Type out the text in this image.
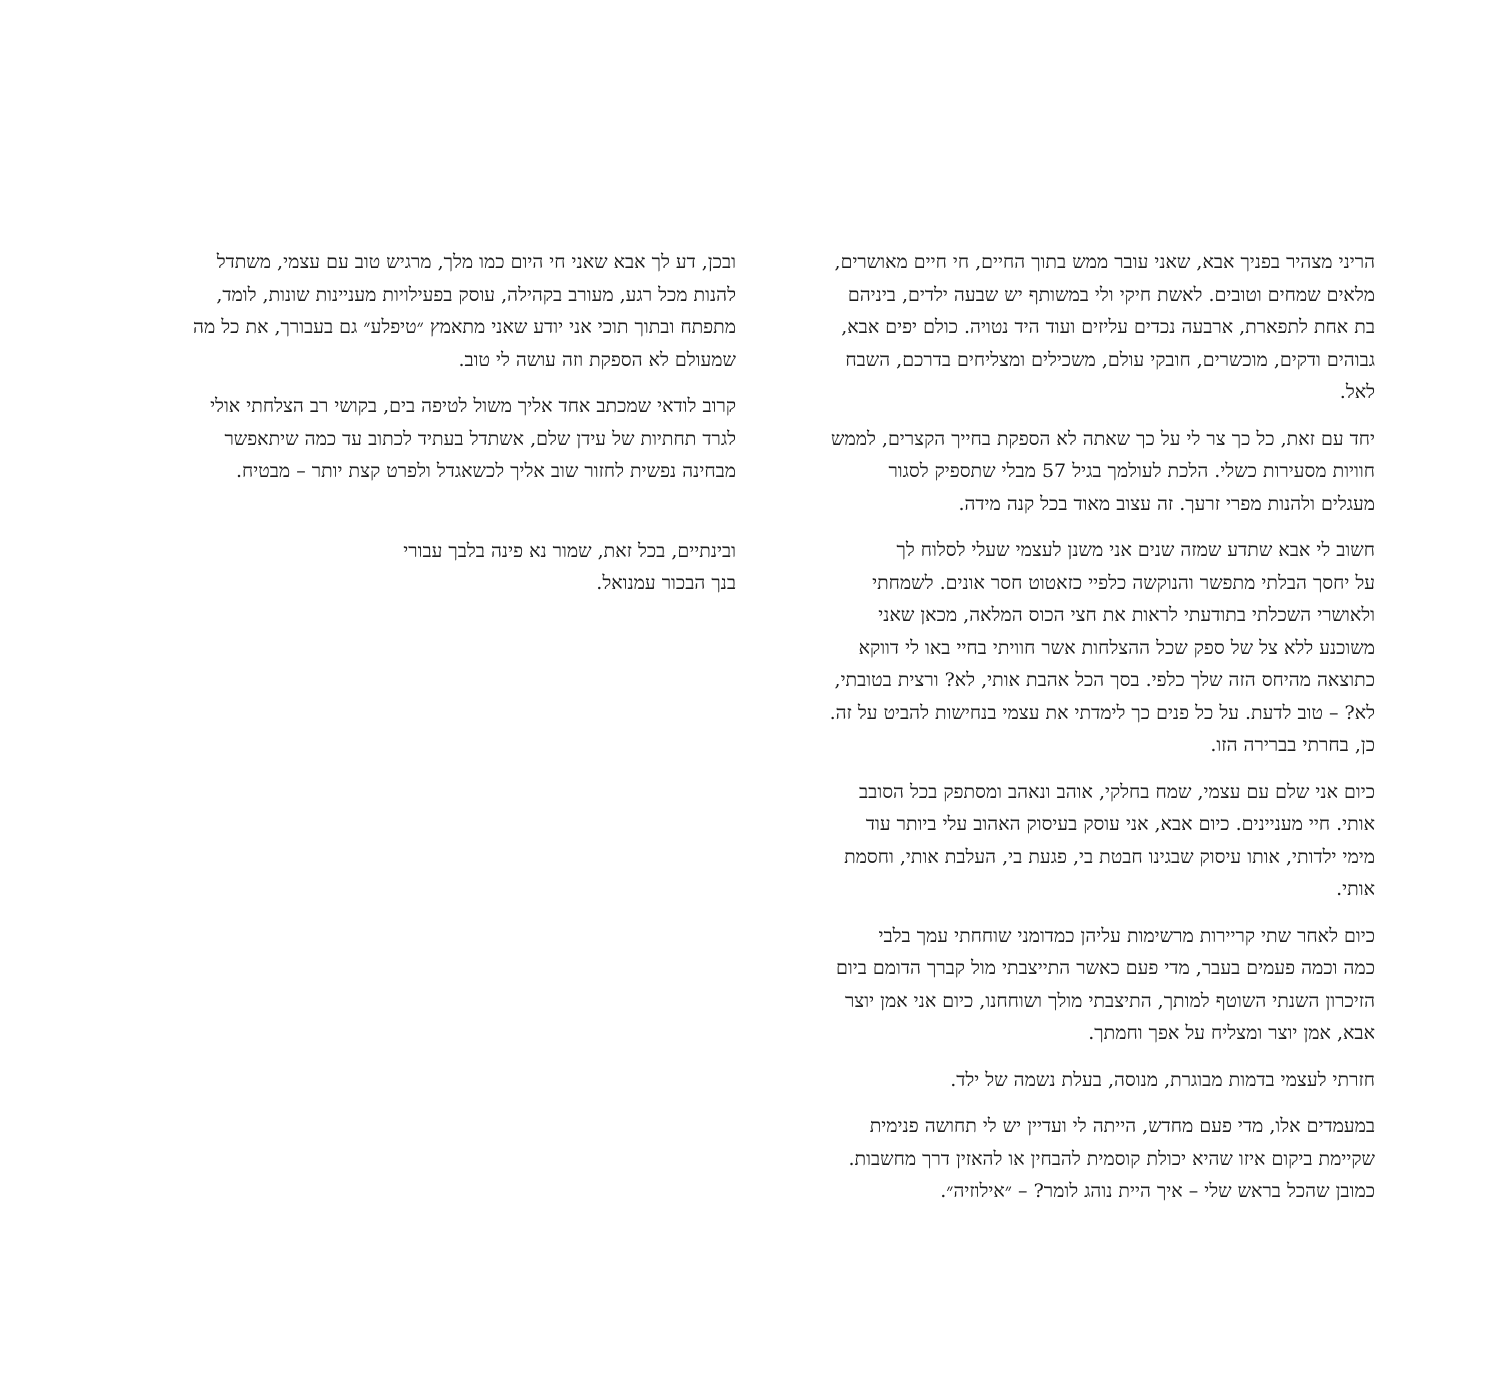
הריני מצהיר בפניך אבא, שאני עובר ממש בתוך החיים, חי חיים מאושרים,
מלאים שמחים וטובים. לאשת חיקי ולי במשותף יש שבעה ילדים, ביניהם
בת אחת לתפארת, ארבעה נכדים עליזים ועוד היד נטויה. כולם יפים אבא,
גבוהים ודקים, מוכשרים, חובקי עולם, משכילים ומצליחים בדרכם, השבח
לאל.

יחד עם זאת, כל כך צר לי על כך שאתה לא הספקת בחייך הקצרים, לממש
חוויות מסעירות כשלי. הלכת לעולמך בגיל 57 מבלי שתספיק לסגור
מעגלים ולהנות מפרי זרעך. זה עצוב מאוד בכל קנה מידה.

חשוב לי אבא שתדע שמזה שנים אני משנן לעצמי שעלי לסלוח לך
על יחסך הבלתי מתפשר והנוקשה כלפיי כזאטוט חסר אונים. לשמחתי
ולאושרי השכלתי בתודעתי לראות את חצי הכוס המלאה, מכאן שאני
משוכנע ללא צל של ספק שכל ההצלחות אשר חוויתי בחיי באו לי דווקא
כתוצאה מהיחס הזה שלך כלפי. בסך הכל אהבת אותי, לא? ורצית בטובתי,
לא? – טוב לדעת. על כל פנים כך לימדתי את עצמי בנחישות להביט על זה.
כן, בחרתי בברירה הזו.

כיום אני שלם עם עצמי, שמח בחלקי, אוהב ונאהב ומסתפק בכל הסובב
אותי. חיי מעניינים. כיום אבא, אני עוסק בעיסוק האהוב עלי ביותר עוד
מימי ילדותי, אותו עיסוק שבגינו חבטת בי, פגעת בי, העלבת אותי, וחסמת
אותי.

כיום לאחר שתי קריירות מרשימות עליהן כמדומני שוחחתי עמך בלבי
כמה וכמה פעמים בעבר, מדי פעם כאשר התייצבתי מול קברך הדומם ביום
הזיכרון השנתי השוטף למותך, התיצבתי מולך ושוחחנו, כיום אני אמן יוצר
אבא, אמן יוצר ומצליח על אפך וחמתך.

חזרתי לעצמי בדמות מבוגרת, מנוסה, בעלת נשמה של ילד.

במעמדים אלו, מדי פעם מחדש, הייתה לי ועדיין יש לי תחושה פנימית
שקיימת ביקום איזו שהיא יכולת קוסמית להבחין או להאזין דרך מחשבות.
כמובן שהכל בראש שלי – איך היית נוהג לומר? – ״אילוזיה״.

ובכן, דע לך אבא שאני חי היום כמו מלך, מרגיש טוב עם עצמי, משתדל
להנות מכל רגע, מעורב בקהילה, עוסק בפעילויות מעניינות שונות, לומד,
מתפתח ובתוך תוכי אני יודע שאני מתאמץ ״טיפלע״ גם בעבורך, את כל מה
שמעולם לא הספקת וזה עושה לי טוב.

קרוב לודאי שמכתב אחד אליך משול לטיפה בים, בקושי רב הצלחתי אולי
לגרד תחתיות של עידן שלם, אשתדל בעתיד לכתוב עד כמה שיתאפשר
מבחינה נפשית לחזור שוב אליך לכשאגדל ולפרט קצת יותר – מבטיח.

ובינתיים, בכל זאת, שמור נא פינה בלבך עבורי
בנך הבכור עמנואל.
